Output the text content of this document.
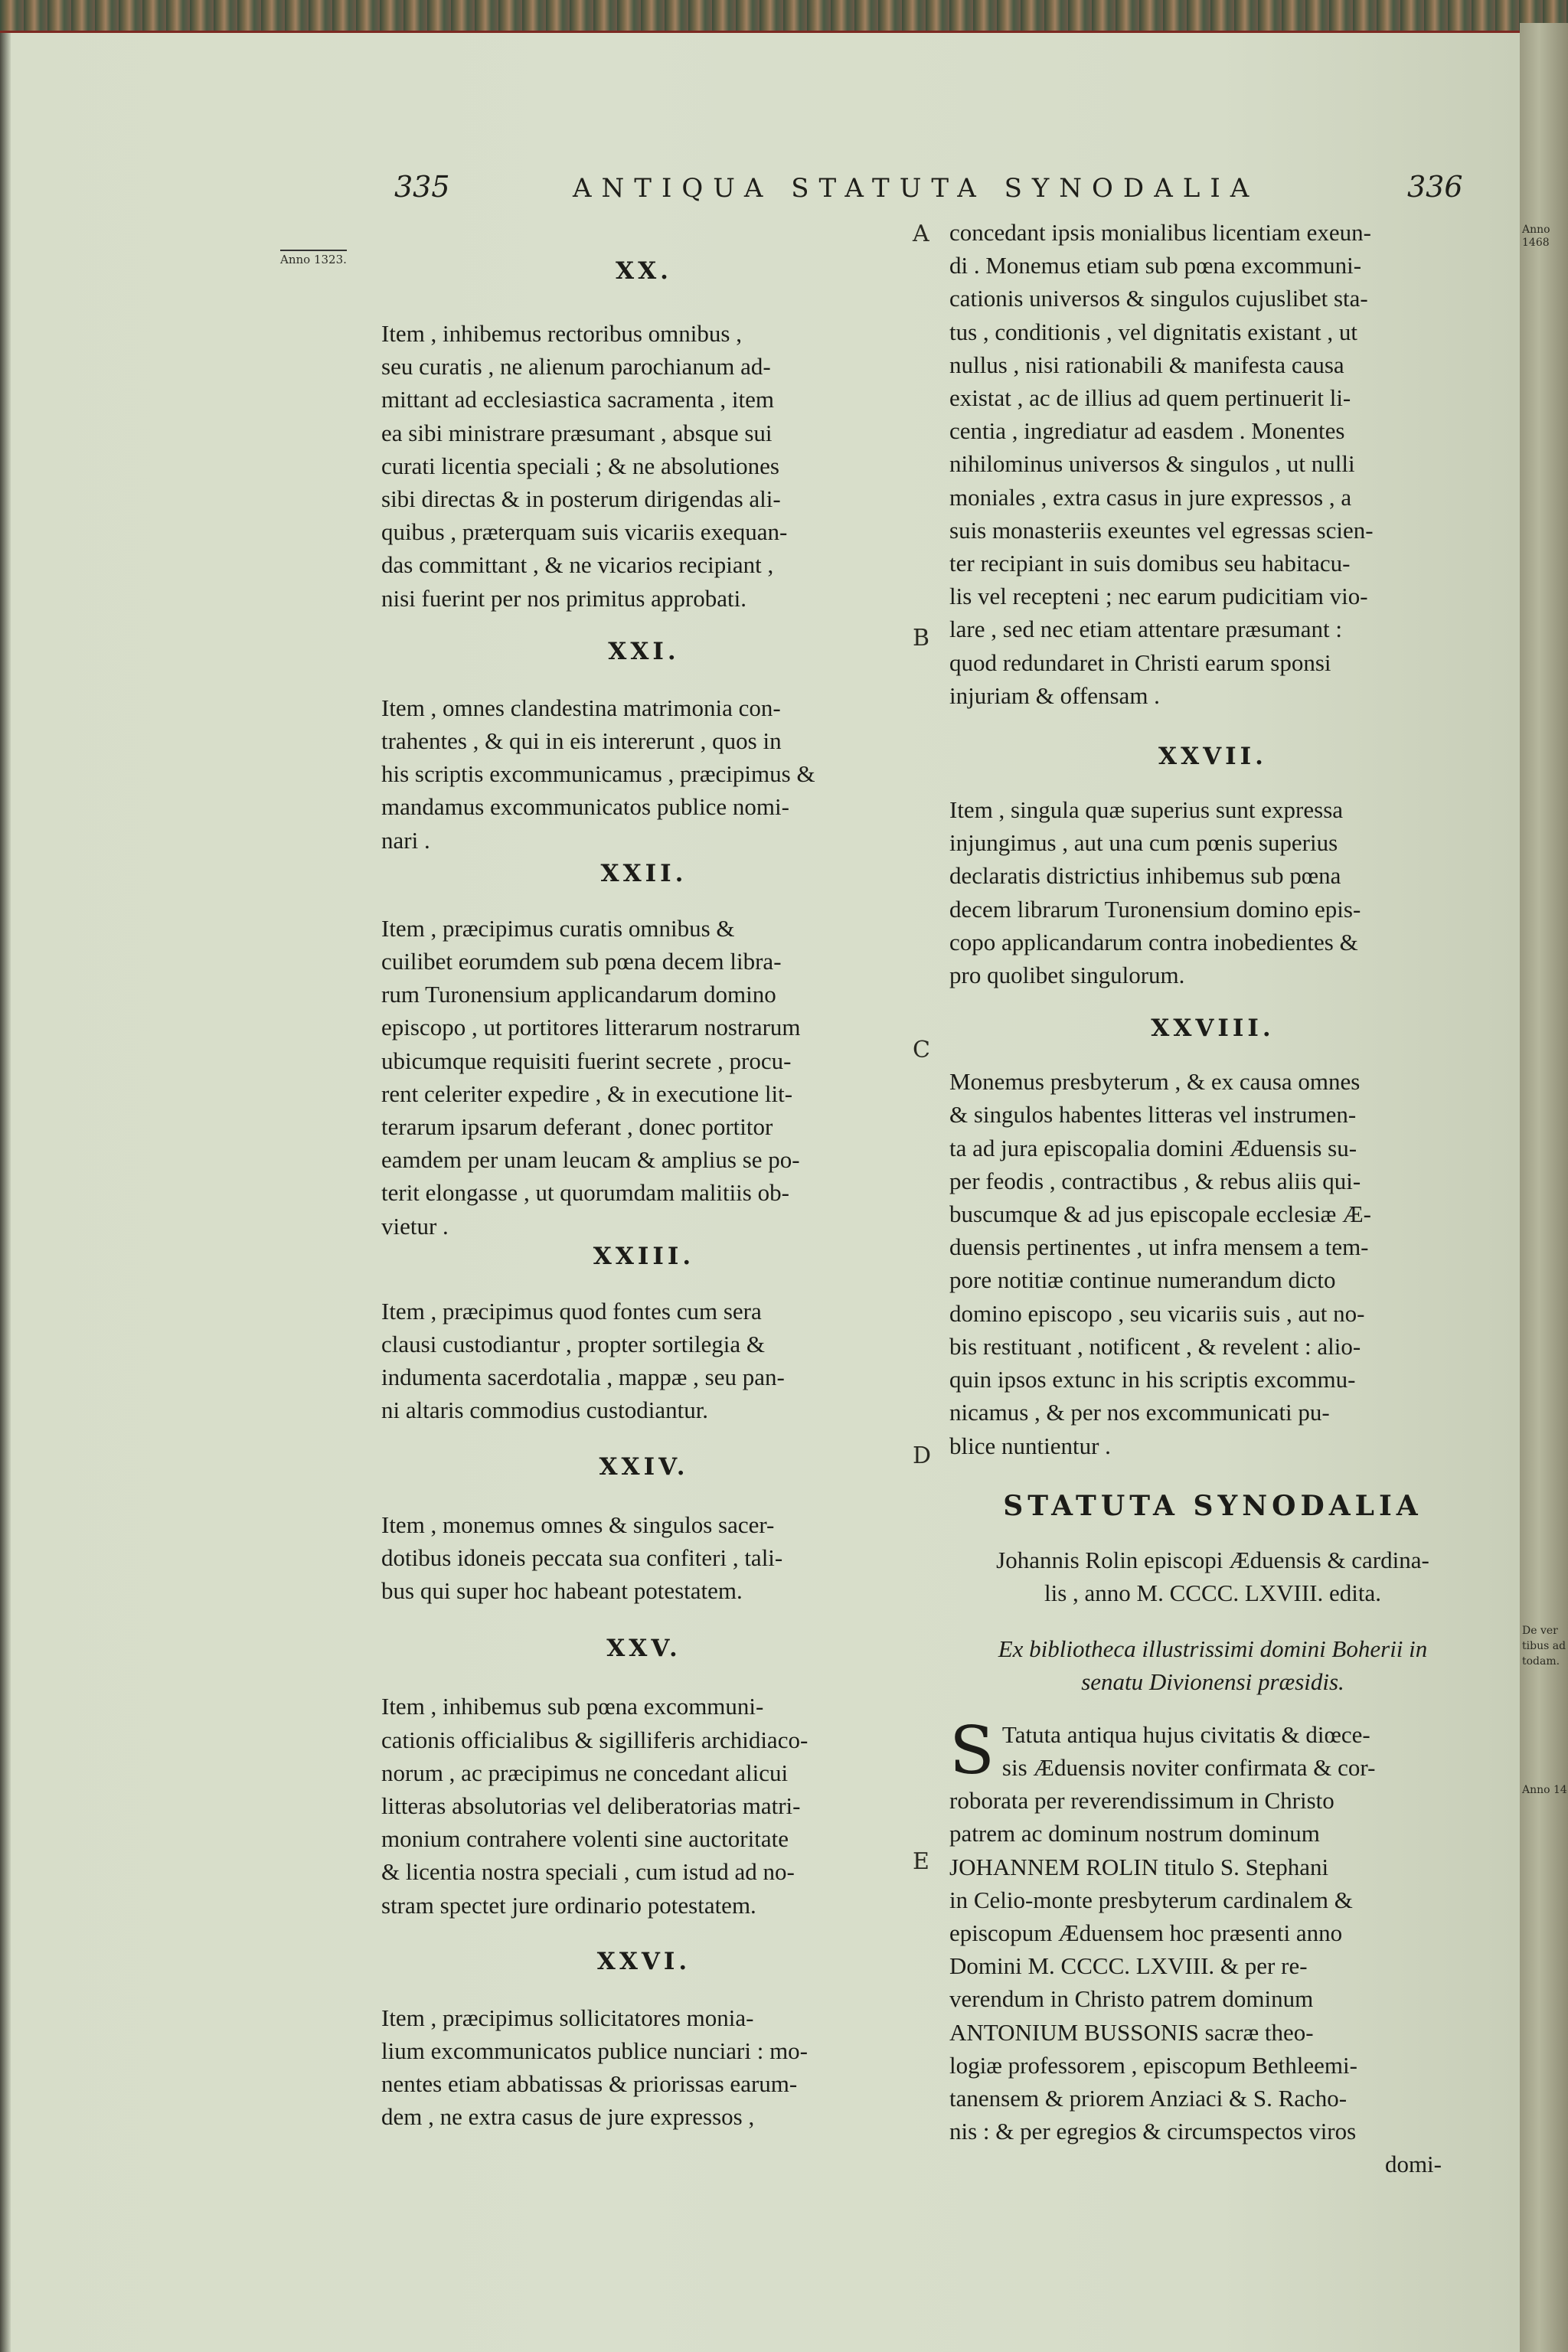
Anno 1468
De ver
tibus ad
todam.
Anno 14
335	ANTIQUA STATUTA SYNODALIA	336
Anno 1323.
A
B
C
D
E
XX.
Item , inhibemus rectoribus omnibus ,
seu curatis , ne alienum parochianum ad-
mittant ad ecclesiastica sacramenta , item
ea sibi ministrare præsumant , absque sui
curati licentia speciali ; & ne absolutiones
sibi directas & in posterum dirigendas ali-
quibus , præterquam suis vicariis exequan-
das committant , & ne vicarios recipiant ,
nisi fuerint per nos primitus approbati.
XXI.
Item , omnes clandestina matrimonia con-
trahentes , & qui in eis intererunt , quos in
his scriptis excommunicamus , præcipimus &
mandamus excommunicatos publice nomi-
nari .
XXII.
Item , præcipimus curatis omnibus &
cuilibet eorumdem sub pœna decem libra-
rum Turonensium applicandarum domino
episcopo , ut portitores litterarum nostrarum
ubicumque requisiti fuerint secrete , procu-
rent celeriter expedire , & in executione lit-
terarum ipsarum deferant , donec portitor
eamdem per unam leucam & amplius se po-
terit elongasse , ut quorumdam malitiis ob-
vietur .
XXIII.
Item , præcipimus quod fontes cum sera
clausi custodiantur , propter sortilegia &
indumenta sacerdotalia , mappæ , seu pan-
ni altaris commodius custodiantur.
XXIV.
Item , monemus omnes & singulos sacer-
dotibus idoneis peccata sua confiteri , tali-
bus qui super hoc habeant potestatem.
XXV.
Item , inhibemus sub pœna excommuni-
cationis officialibus & sigilliferis archidiaco-
norum , ac præcipimus ne concedant alicui
litteras absolutorias vel deliberatorias matri-
monium contrahere volenti sine auctoritate
& licentia nostra speciali , cum istud ad no-
stram spectet jure ordinario potestatem.
XXVI.
Item , præcipimus sollicitatores monia-
lium excommunicatos publice nunciari : mo-
nentes etiam abbatissas & priorissas earum-
dem , ne extra casus de jure expressos ,
concedant ipsis monialibus licentiam exeun-
di . Monemus etiam sub pœna excommuni-
cationis universos & singulos cujuslibet sta-
tus , conditionis , vel dignitatis existant , ut
nullus , nisi rationabili & manifesta causa
existat , ac de illius ad quem pertinuerit li-
centia , ingrediatur ad easdem . Monentes
nihilominus universos & singulos , ut nulli
moniales , extra casus in jure expressos , a
suis monasteriis exeuntes vel egressas scien-
ter recipiant in suis domibus seu habitacu-
lis vel recepteni ; nec earum pudicitiam vio-
lare , sed nec etiam attentare præsumant :
quod redundaret in Christi earum sponsi
injuriam & offensam .
XXVII.
Item , singula quæ superius sunt expressa
injungimus , aut una cum pœnis superius
declaratis districtius inhibemus sub pœna
decem librarum Turonensium domino epis-
copo applicandarum contra inobedientes &
pro quolibet singulorum.
XXVIII.
Monemus presbyterum , & ex causa omnes
& singulos habentes litteras vel instrumen-
ta ad jura episcopalia domini Æduensis su-
per feodis , contractibus , & rebus aliis qui-
buscumque & ad jus episcopale ecclesiæ Æ-
duensis pertinentes , ut infra mensem a tem-
pore notitiæ continue numerandum dicto
domino episcopo , seu vicariis suis , aut no-
bis restituant , notificent , & revelent : alio-
quin ipsos extunc in his scriptis excommu-
nicamus , & per nos excommunicati pu-
blice nuntientur .
STATUTA SYNODALIA
Johannis Rolin episcopi Æduensis & cardina-
lis , anno M. CCCC. LXVIII. edita.
Ex bibliotheca illustrissimi domini Boherii in
senatu Divionensi præsidis.
S Tatuta antiqua hujus civitatis & diœce-
sis Æduensis noviter confirmata & cor-
roborata per reverendissimum in Christo
patrem ac dominum nostrum dominum
JOHANNEM ROLIN titulo S. Stephani
in Celio-monte presbyterum cardinalem &
episcopum Æduensem hoc præsenti anno
Domini M. CCCC. LXVIII. & per re-
verendum in Christo patrem dominum
ANTONIUM BUSSONIS sacræ theo-
logiæ professorem , episcopum Bethleemi-
tanensem & priorem Anziaci & S. Racho-
nis : & per egregios & circumspectos viros
domi-
